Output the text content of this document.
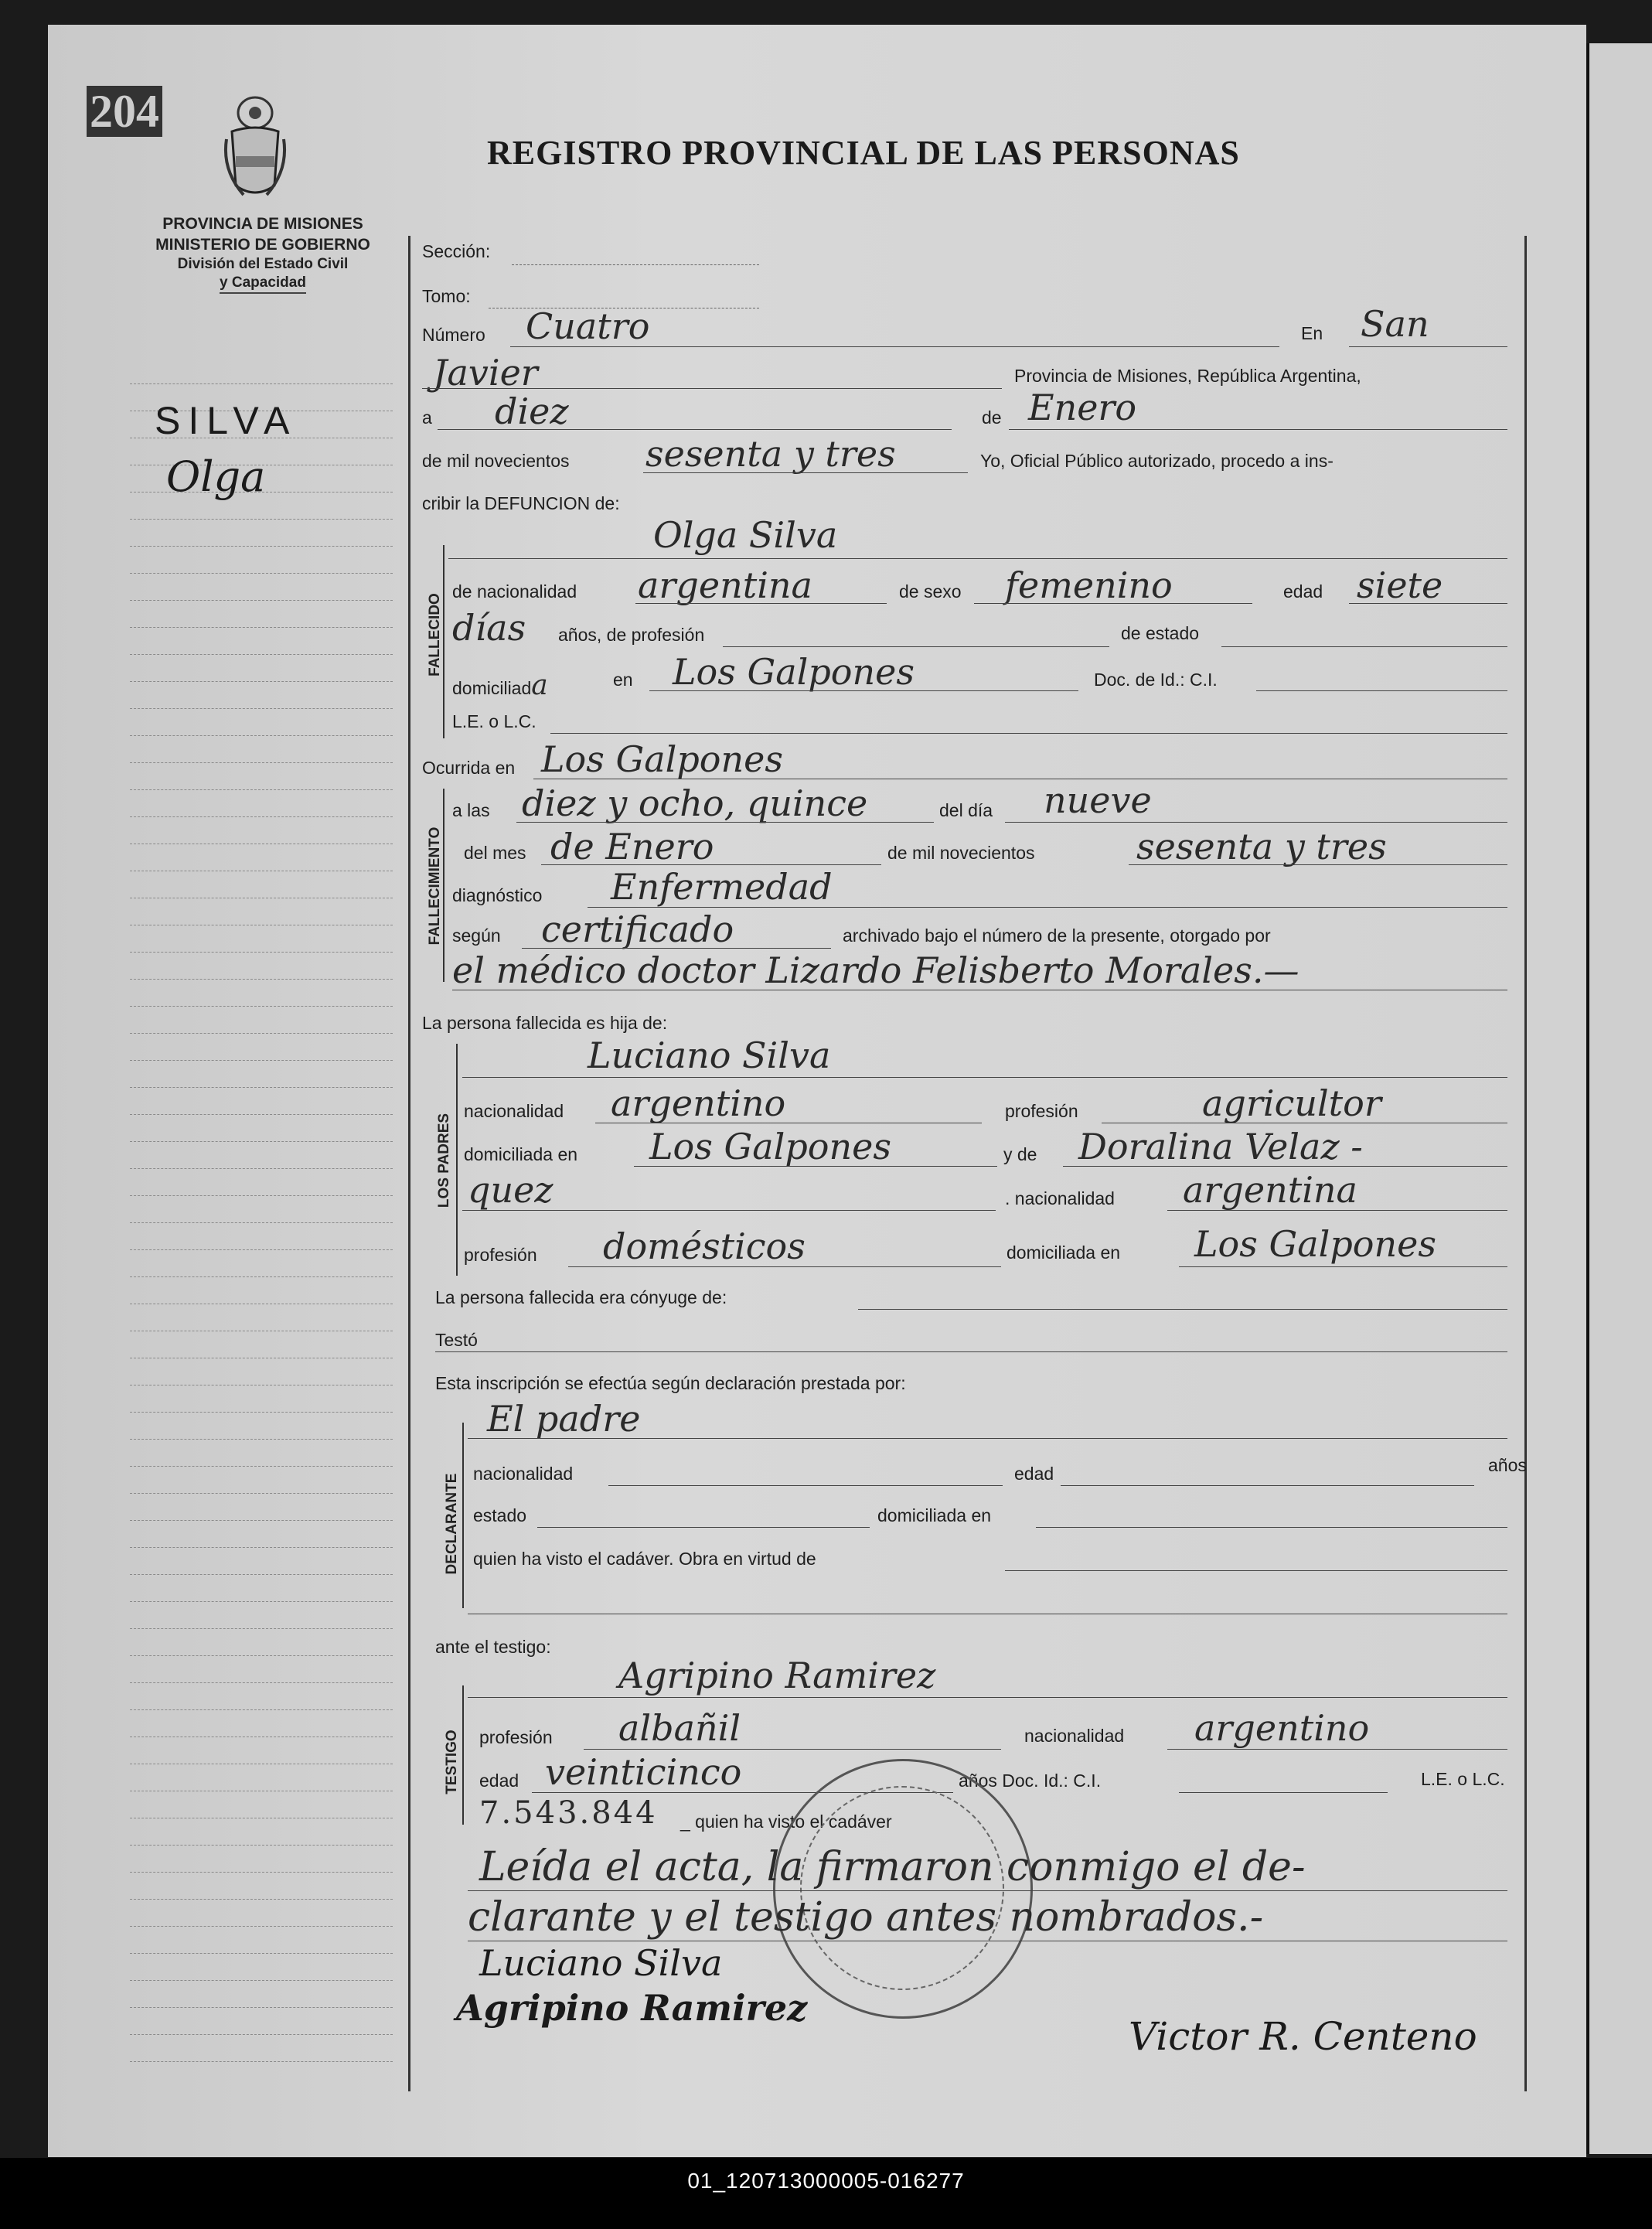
204
PROVINCIA DE MISIONES
MINISTERIO DE GOBIERNO
División del Estado Civil
y Capacidad
REGISTRO PROVINCIAL DE LAS PERSONAS
SILVA
Olga
Sección:
Tomo:
Número Cuatro	En San
Javier	Provincia de Misiones, República Argentina,
a diez	de Enero
de mil novecientos sesenta y tres	Yo, Oficial Público autorizado, procedo a ins-
cribir la DEFUNCION de:
FALLECIDO
Olga Silva
de nacionalidad argentina	de sexo femenino	edad siete
días años, de profesión	de estado
domiciliada	en Los Galpones	Doc. de Id.: C.I.
L.E. o L.C.
Ocurrida en Los Galpones
FALLECIMIENTO
a las diez y ocho, quince	del día nueve
del mes de Enero	de mil novecientos	sesenta y tres
diagnóstico Enfermedad
según certificado	archivado bajo el número de la presente, otorgado por
el médico doctor Lizardo Felisberto Morales.—
La persona fallecida es hija de:
LOS PADRES
Luciano Silva
nacionalidad argentino	profesión	agricultor
domiciliada en Los Galpones	y de Doralina Velaz -
quez	. nacionalidad argentina
profesión domésticos	domiciliada en Los Galpones
La persona fallecida era cónyuge de:
Testó
Esta inscripción se efectúa según declaración prestada por:
DECLARANTE
El padre
nacionalidad	edad	años
estado	domiciliada en
quien ha visto el cadáver. Obra en virtud de
ante el testigo:
TESTIGO
Agripino Ramirez
profesión albañil	nacionalidad argentino
edad veinticinco	años Doc. Id.: C.I.	L.E. o L.C.
7.543.844 _ quien ha visto el cadáver
Leída el acta, la firmaron conmigo el de-
clarante y el testigo antes nombrados.-
Luciano Silva
Agripino Ramirez
Victor R. Centeno
01_120713000005-016277
